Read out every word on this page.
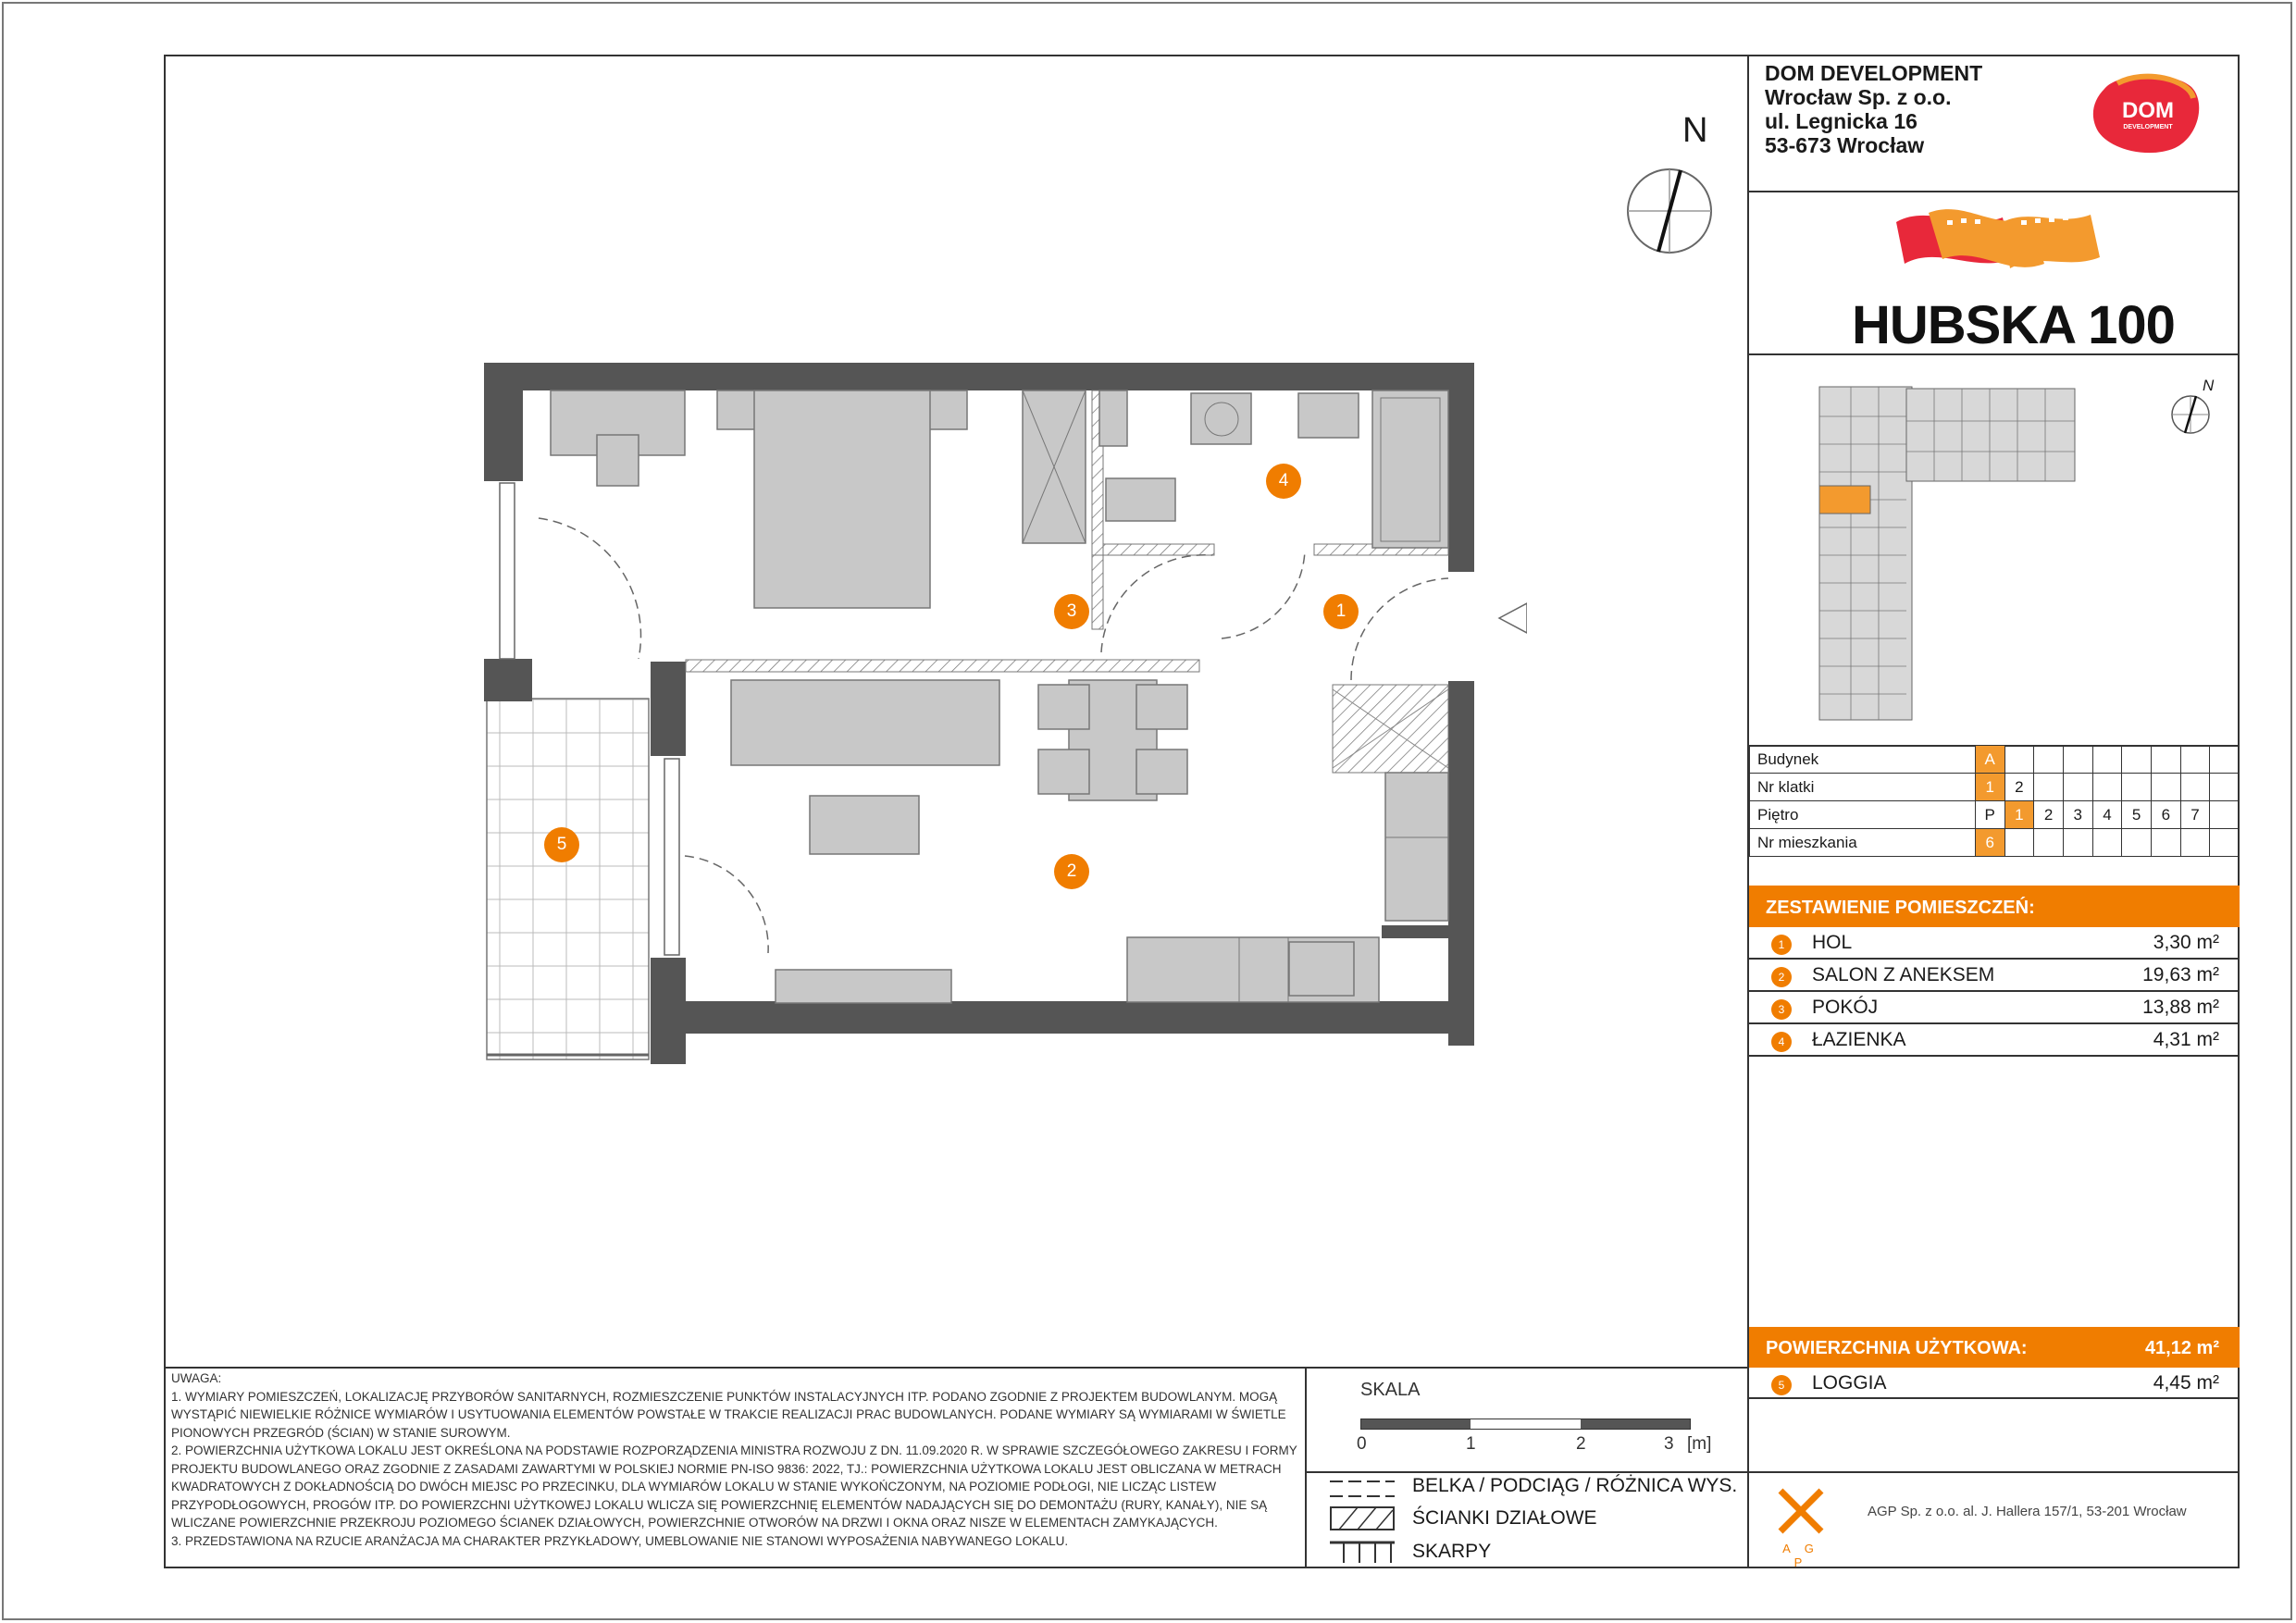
DOM DEVELOPMENT
Wrocław Sp. z o.o.
ul. Legnicka 16
53-673 Wrocław
DOM
DEVELOPMENT
HUBSKA 100
N
Budynek	A								
Nr klatki	1	2							
Piętro	P	1	2	3	4	5	6	7	
Nr mieszkania	6								
ZESTAWIENIE POMIESZCZEŃ:
1	HOL	3,30 m²
2	SALON Z ANEKSEM	19,63 m²
3	POKÓJ	13,88 m²
4	ŁAZIENKA	4,31 m²
POWIERZCHNIA UŻYTKOWA:	41,12 m²
5	LOGGIA	4,45 m²
A G P
AGP Sp. z o.o. al. J. Hallera 157/1, 53-201 Wrocław
UWAGA:
1. WYMIARY POMIESZCZEŃ, LOKALIZACJĘ PRZYBORÓW SANITARNYCH, ROZMIESZCZENIE PUNKTÓW INSTALACYJNYCH ITP. PODANO ZGODNIE Z PROJEKTEM BUDOWLANYM. MOGĄ WYSTĄPIĆ NIEWIELKIE RÓŻNICE WYMIARÓW I USYTUOWANIA ELEMENTÓW POWSTAŁE W TRAKCIE REALIZACJI PRAC BUDOWLANYCH. PODANE WYMIARY SĄ WYMIARAMI W ŚWIETLE PIONOWYCH PRZEGRÓD (ŚCIAN) W STANIE SUROWYM.
2. POWIERZCHNIA UŻYTKOWA LOKALU JEST OKREŚLONA NA PODSTAWIE ROZPORZĄDZENIA MINISTRA ROZWOJU Z DN. 11.09.2020 R. W SPRAWIE SZCZEGÓŁOWEGO ZAKRESU I FORMY PROJEKTU BUDOWLANEGO ORAZ ZGODNIE Z ZASADAMI ZAWARTYMI W POLSKIEJ NORMIE PN-ISO 9836: 2022, TJ.: POWIERZCHNIA UŻYTKOWA LOKALU JEST OBLICZANA W METRACH KWADRATOWYCH Z DOKŁADNOŚCIĄ DO DWÓCH MIEJSC PO PRZECINKU, DLA WYMIARÓW LOKALU W STANIE WYKOŃCZONYM, NA POZIOMIE PODŁOGI, NIE LICZĄC LISTEW PRZYPODŁOGOWYCH, PROGÓW ITP. DO POWIERZCHNI UŻYTKOWEJ LOKALU WLICZA SIĘ POWIERZCHNIĘ ELEMENTÓW NADAJĄCYCH SIĘ DO DEMONTAŻU (RURY, KANAŁY), NIE SĄ WLICZANE POWIERZCHNIE PRZEKROJU POZIOMEGO ŚCIANEK DZIAŁOWYCH, POWIERZCHNIE OTWORÓW NA DRZWI I OKNA ORAZ NISZE W ELEMENTACH ZAMYKAJĄCYCH.
3. PRZEDSTAWIONA NA RZUCIE ARANŻACJA MA CHARAKTER PRZYKŁADOWY, UMEBLOWANIE NIE STANOWI WYPOSAŻENIA NABYWANEGO LOKALU.
SKALA
0	1	2	3 [m]
BELKA / PODCIĄG / RÓŻNICA WYS.
ŚCIANKI DZIAŁOWE
SKARPY
N
1
2
3
4
5
